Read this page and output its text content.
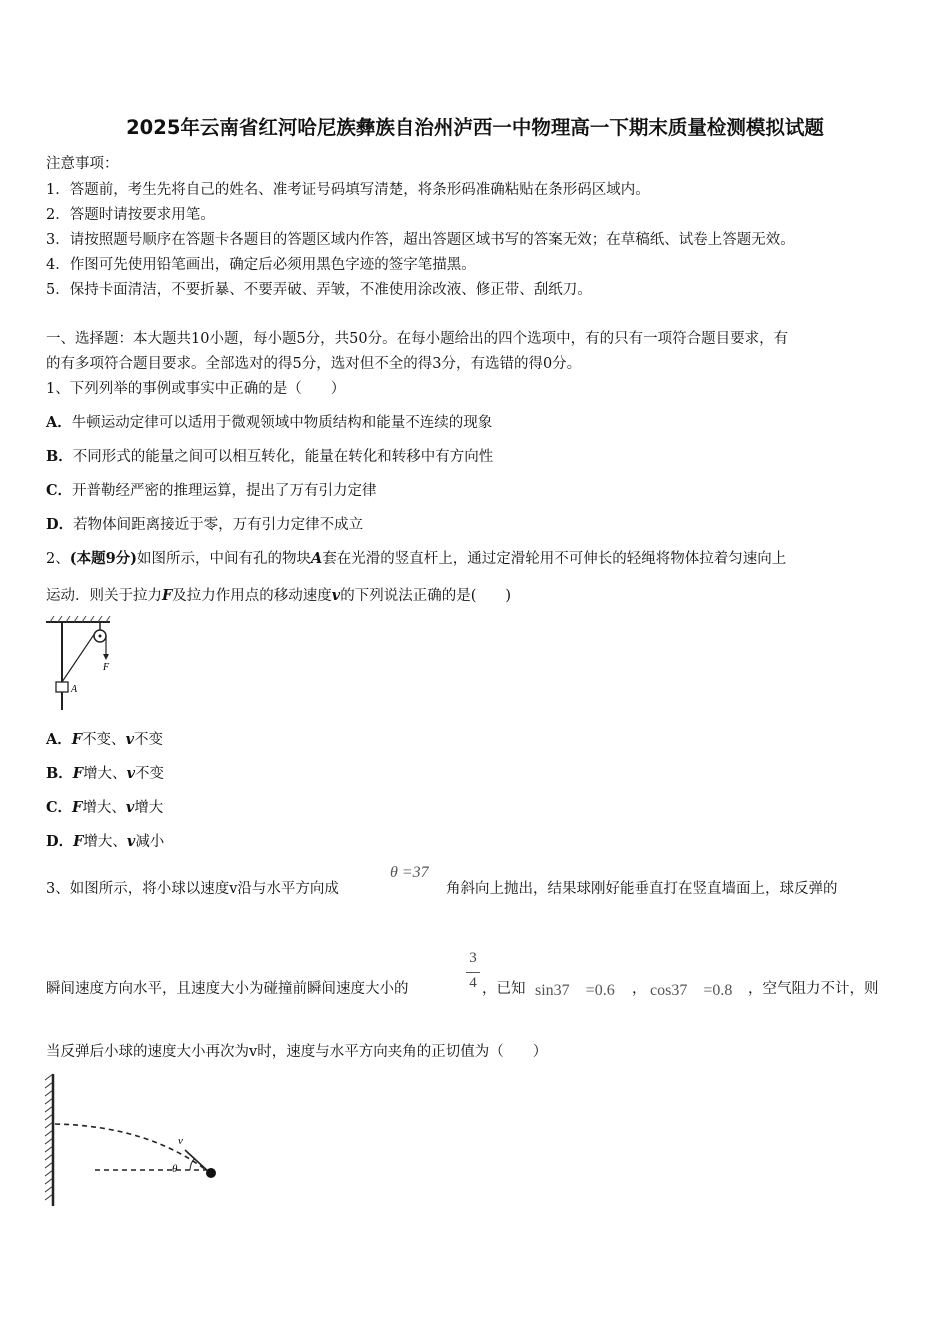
2025年云南省红河哈尼族彝族自治州泸西一中物理高一下期末质量检测模拟试题
注意事项：
1．答题前，考生先将自己的姓名、准考证号码填写清楚，将条形码准确粘贴在条形码区域内。
2．答题时请按要求用笔。
3．请按照题号顺序在答题卡各题目的答题区域内作答，超出答题区域书写的答案无效；在草稿纸、试卷上答题无效。
4．作图可先使用铅笔画出，确定后必须用黑色字迹的签字笔描黑。
5．保持卡面清洁，不要折暴、不要弄破、弄皱，不准使用涂改液、修正带、刮纸刀。
一、选择题：本大题共10小题，每小题5分，共50分。在每小题给出的四个选项中，有的只有一项符合题目要求，有
的有多项符合题目要求。全部选对的得5分，选对但不全的得3分，有选错的得0分。
1、下列列举的事例或事实中正确的是（　　）
A．牛顿运动定律可以适用于微观领域中物质结构和能量不连续的现象
B．不同形式的能量之间可以相互转化，能量在转化和转移中有方向性
C．开普勒经严密的推理运算，提出了万有引力定律
D．若物体间距离接近于零，万有引力定律不成立
2、(本题9分)如图所示，中间有孔的物块A套在光滑的竖直杆上，通过定滑轮用不可伸长的轻绳将物体拉着匀速向上
运动．则关于拉力F及拉力作用点的移动速度v的下列说法正确的是(　　)
F
A
A．F不变、v不变
B．F增大、v不变
C．F增大、v增大
D．F增大、v减小
3、如图所示，将小球以速度v沿与水平方向成
θ =37
角斜向上抛出，结果球刚好能垂直打在竖直墙面上，球反弹的
瞬间速度方向水平，且速度大小为碰撞前瞬间速度大小的
3
4 ，已知 sin37　=0.6 ， cos37　=0.8 ，空气阻力不计，则
当反弹后小球的速度大小再次为v时，速度与水平方向夹角的正切值为（　　）
v
θ
